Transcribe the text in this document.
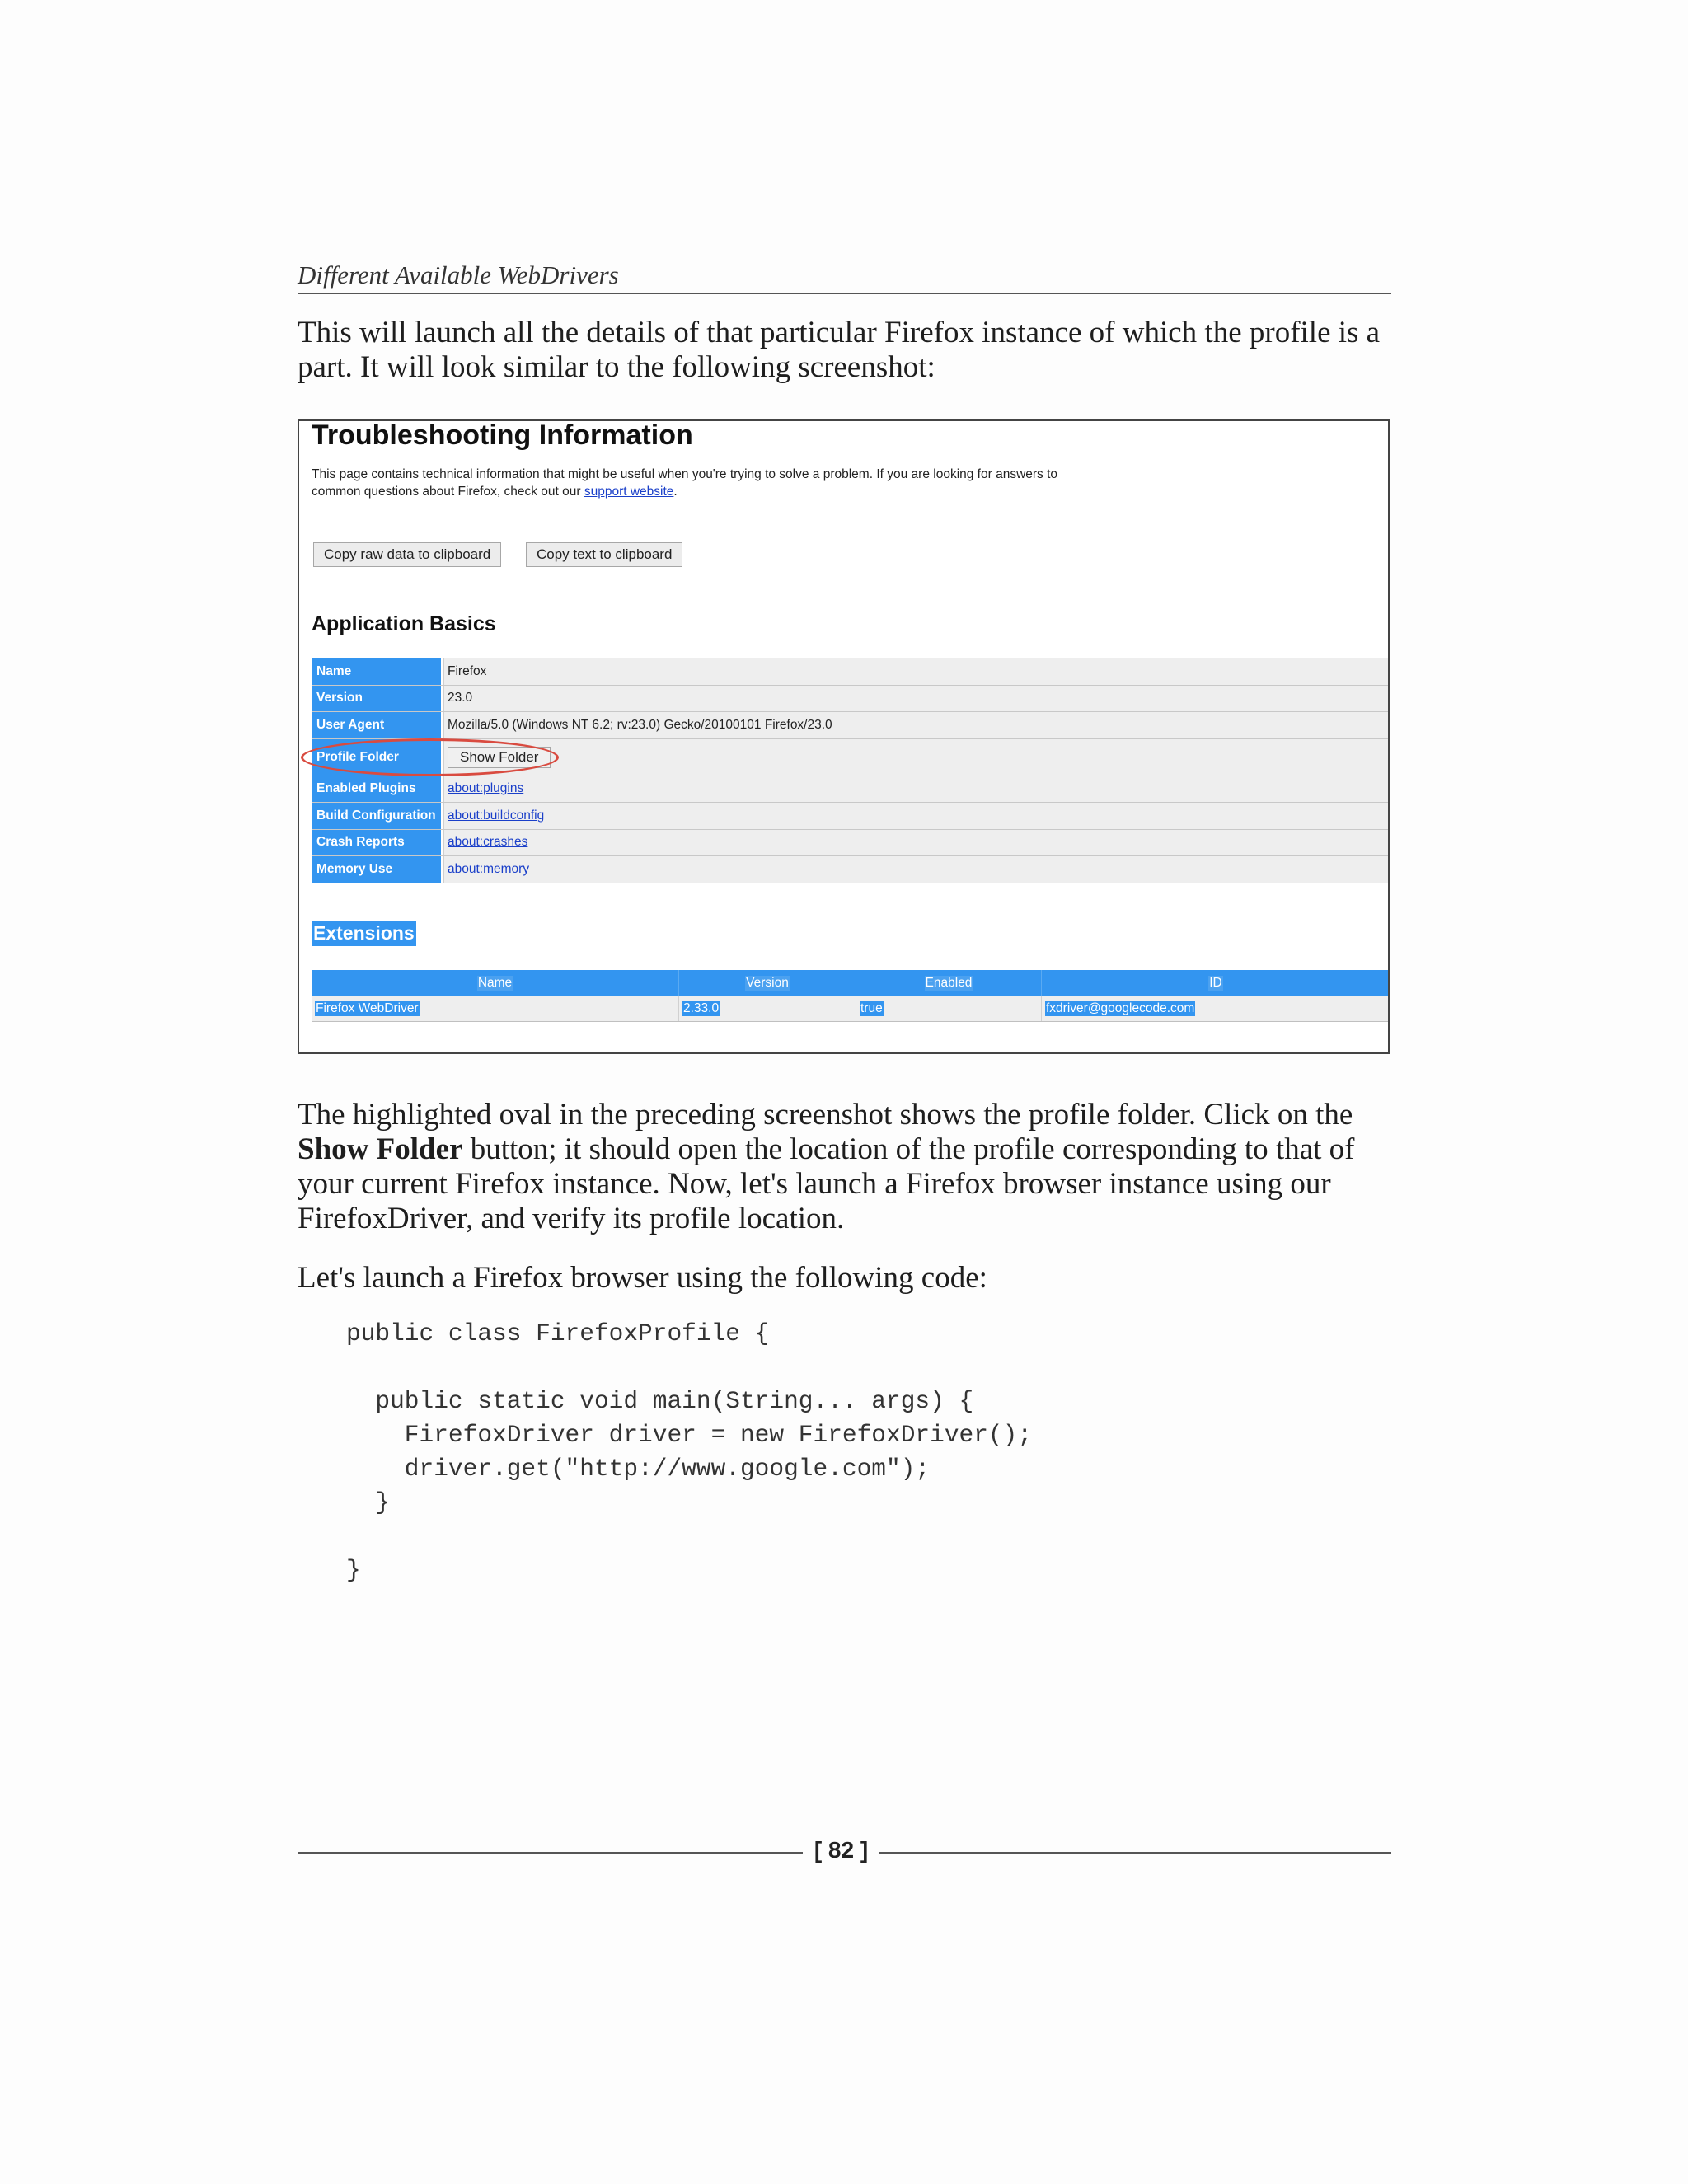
Different Available WebDrivers
This will launch all the details of that particular Firefox instance of which the profile is a part. It will look similar to the following screenshot:
Troubleshooting Information
This page contains technical information that might be useful when you're trying to solve a problem. If you are looking for answers to
common questions about Firefox, check out our support website.
Copy raw data to clipboard	Copy text to clipboard
Application Basics
Name	Firefox
Version	23.0
User Agent	Mozilla/5.0 (Windows NT 6.2; rv:23.0) Gecko/20100101 Firefox/23.0
Profile Folder	Show Folder
Enabled Plugins	about:plugins
Build Configuration about:buildconfig
Crash Reports	about:crashes
Memory Use	about:memory
Extensions
Name	Version	Enabled	ID
Firefox WebDriver	2.33.0	true	fxdriver@googlecode.com
The highlighted oval in the preceding screenshot shows the profile folder. Click on the Show Folder button; it should open the location of the profile corresponding to that of your current Firefox instance. Now, let's launch a Firefox browser instance using our FirefoxDriver, and verify its profile location.
Let's launch a Firefox browser using the following code:
public class FirefoxProfile {

public static void main(String... args) {
FirefoxDriver driver = new FirefoxDriver();
driver.get("http://www.google.com");
}

}
[ 82 ]
